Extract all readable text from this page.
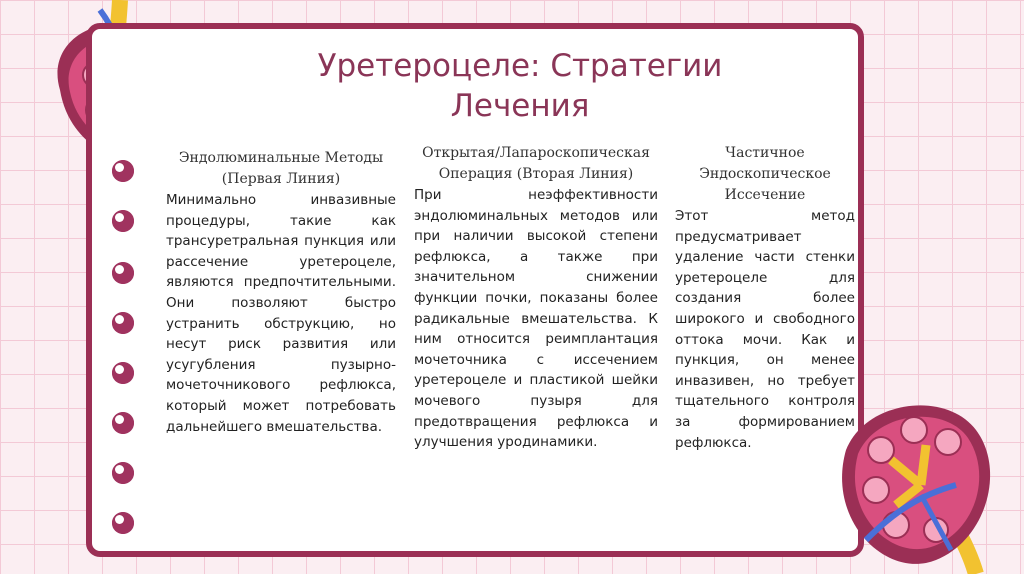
Уретероцеле: Стратегии
Лечения
Эндолюминальные Методы (Первая Линия)
Минимально инвазивные процедуры, такие как трансуретральная пункция или рассечение уретероцеле, являются предпочтительными. Они позволяют быстро устранить обструкцию, но несут риск развития или усугубления пузырно-мочеточникового рефлюкса, который может потребовать дальнейшего вмешательства.
Открытая/Лапароскопическая Операция (Вторая Линия)
При неэффективности эндолюминальных методов или при наличии высокой степени рефлюкса, а также при значительном снижении функции почки, показаны более радикальные вмешательства. К ним относится реимплантация мочеточника с иссечением уретероцеле и пластикой шейки мочевого пузыря для предотвращения рефлюкса и улучшения уродинамики.
Частичное Эндоскопическое Иссечение
Этот метод предусматривает удаление части стенки уретероцеле для создания более широкого и свободного оттока мочи. Как и пункция, он менее инвазивен, но требует тщательного контроля за формированием рефлюкса.
